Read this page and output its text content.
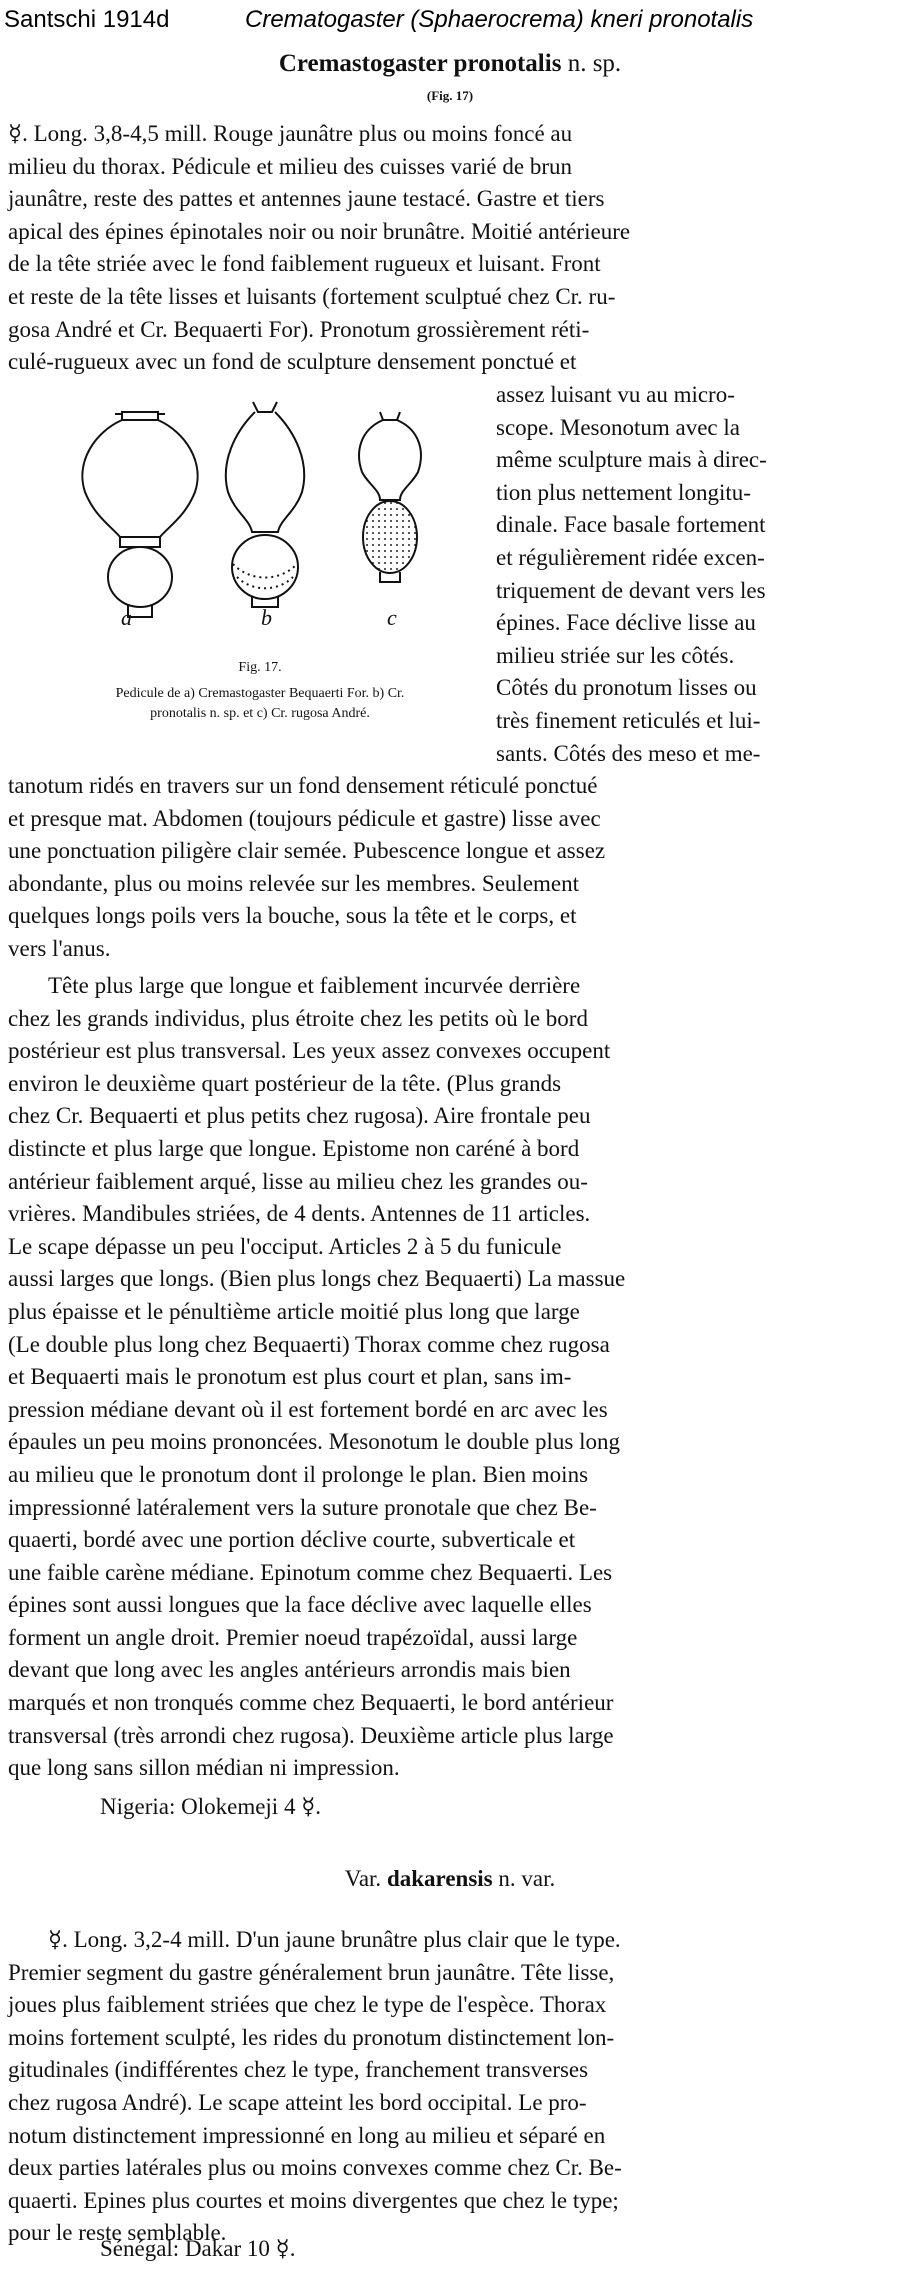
Santschi 1914d	Crematogaster (Sphaerocrema) kneri pronotalis
Cremastogaster pronotalis n. sp.
(Fig. 17)
☿. Long. 3,8-4,5 mill. Rouge jaunâtre plus ou moins foncé au
milieu du thorax. Pédicule et milieu des cuisses varié de brun
jaunâtre, reste des pattes et antennes jaune testacé. Gastre et tiers
apical des épines épinotales noir ou noir brunâtre. Moitié antérieure
de la tête striée avec le fond faiblement rugueux et luisant. Front
et reste de la tête lisses et luisants (fortement sculptué chez Cr. ru-
gosa André et Cr. Bequaerti For). Pronotum grossièrement réti-
culé-rugueux avec un fond de sculpture densement ponctué et
assez luisant vu au micro-
scope. Mesonotum avec la
même sculpture mais à direc-
tion plus nettement longitu-
dinale. Face basale fortement
et régulièrement ridée excen-
triquement de devant vers les
épines. Face déclive lisse au
milieu striée sur les côtés.
Côtés du pronotum lisses ou
très finement reticulés et lui-
sants. Côtés des meso et me-
a	b	c
Fig. 17.
Pedicule de a) Cremastogaster Bequaerti For. b) Cr.
pronotalis n. sp. et c) Cr. rugosa André.
tanotum ridés en travers sur un fond densement réticulé ponctué
et presque mat. Abdomen (toujours pédicule et gastre) lisse avec
une ponctuation piligère clair semée. Pubescence longue et assez
abondante, plus ou moins relevée sur les membres. Seulement
quelques longs poils vers la bouche, sous la tête et le corps, et
vers l'anus.
Tête plus large que longue et faiblement incurvée derrière
chez les grands individus, plus étroite chez les petits où le bord
postérieur est plus transversal. Les yeux assez convexes occupent
environ le deuxième quart postérieur de la tête. (Plus grands
chez Cr. Bequaerti et plus petits chez rugosa). Aire frontale peu
distincte et plus large que longue. Epistome non caréné à bord
antérieur faiblement arqué, lisse au milieu chez les grandes ou-
vrières. Mandibules striées, de 4 dents. Antennes de 11 articles.
Le scape dépasse un peu l'occiput. Articles 2 à 5 du funicule
aussi larges que longs. (Bien plus longs chez Bequaerti) La massue
plus épaisse et le pénultième article moitié plus long que large
(Le double plus long chez Bequaerti) Thorax comme chez rugosa
et Bequaerti mais le pronotum est plus court et plan, sans im-
pression médiane devant où il est fortement bordé en arc avec les
épaules un peu moins prononcées. Mesonotum le double plus long
au milieu que le pronotum dont il prolonge le plan. Bien moins
impressionné latéralement vers la suture pronotale que chez Be-
quaerti, bordé avec une portion déclive courte, subverticale et
une faible carène médiane. Epinotum comme chez Bequaerti. Les
épines sont aussi longues que la face déclive avec laquelle elles
forment un angle droit. Premier noeud trapézoïdal, aussi large
devant que long avec les angles antérieurs arrondis mais bien
marqués et non tronqués comme chez Bequaerti, le bord antérieur
transversal (très arrondi chez rugosa). Deuxième article plus large
que long sans sillon médian ni impression.
Nigeria: Olokemeji 4 ☿.
Var. dakarensis n. var.
☿. Long. 3,2-4 mill. D'un jaune brunâtre plus clair que le type.
Premier segment du gastre généralement brun jaunâtre. Tête lisse,
joues plus faiblement striées que chez le type de l'espèce. Thorax
moins fortement sculpté, les rides du pronotum distinctement lon-
gitudinales (indifférentes chez le type, franchement transverses
chez rugosa André). Le scape atteint les bord occipital. Le pro-
notum distinctement impressionné en long au milieu et séparé en
deux parties latérales plus ou moins convexes comme chez Cr. Be-
quaerti. Epines plus courtes et moins divergentes que chez le type;
pour le reste semblable.
Sénégal: Dakar 10 ☿.
